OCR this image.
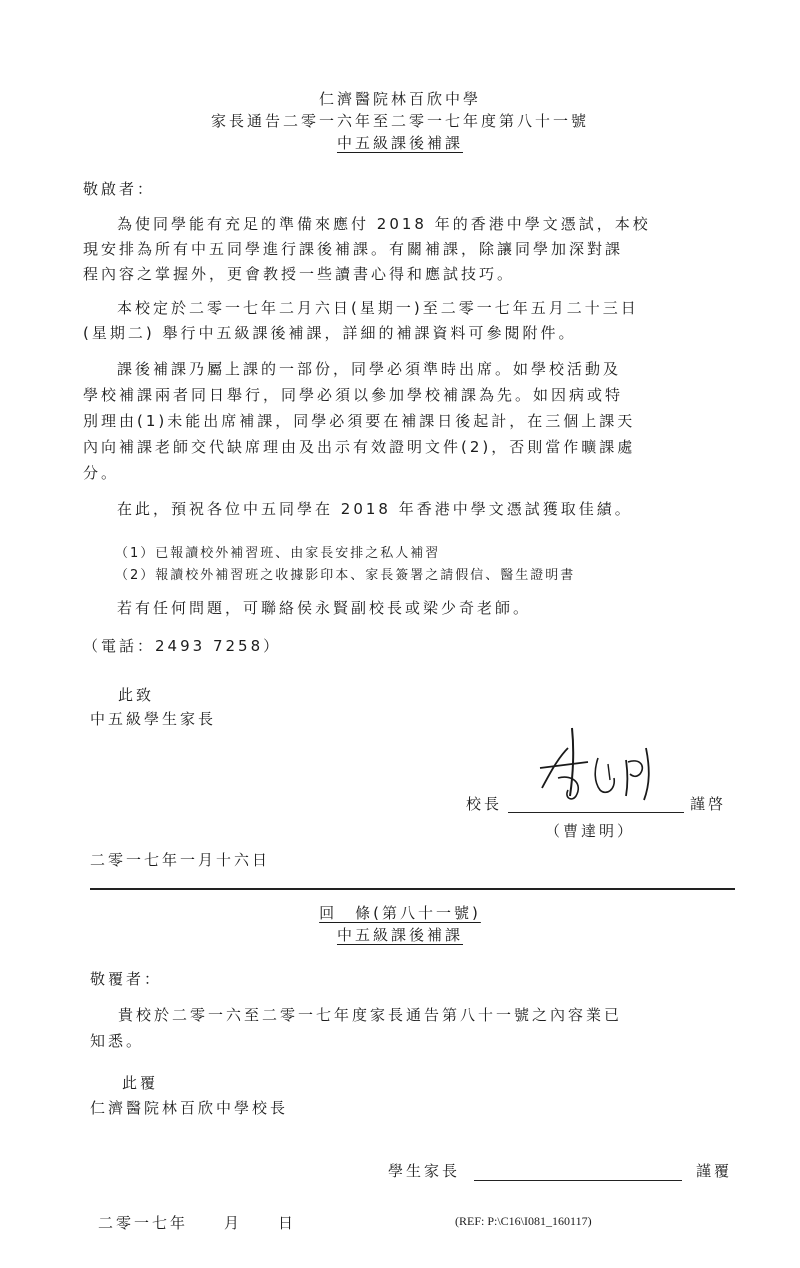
仁濟醫院林百欣中學
家長通告二零一六年至二零一七年度第八十一號
中五級課後補課
敬啟者：
為使同學能有充足的準備來應付 2018 年的香港中學文憑試，本校
現安排為所有中五同學進行課後補課。有關補課，除讓同學加深對課
程內容之掌握外，更會教授一些讀書心得和應試技巧。
本校定於二零一七年二月六日(星期一)至二零一七年五月二十三日
(星期二) 舉行中五級課後補課，詳細的補課資料可參閱附件。
課後補課乃屬上課的一部份，同學必須準時出席。如學校活動及
學校補課兩者同日舉行，同學必須以參加學校補課為先。如因病或特
別理由(1)未能出席補課，同學必須要在補課日後起計，在三個上課天
內向補課老師交代缺席理由及出示有效證明文件(2)，否則當作曠課處
分。
在此，預祝各位中五同學在 2018 年香港中學文憑試獲取佳績。
（1）已報讀校外補習班、由家長安排之私人補習
（2）報讀校外補習班之收據影印本、家長簽署之請假信、醫生證明書
若有任何問題，可聯絡侯永賢副校長或梁少奇老師。
（電話：2493 7258）
此致
中五級學生家長
校長	謹啓
（曹達明）
二零一七年一月十六日
回　條(第八十一號)
中五級課後補課
敬覆者：
貴校於二零一六至二零一七年度家長通告第八十一號之內容業已
知悉。
此覆
仁濟醫院林百欣中學校長
學生家長	謹覆
二零一七年　　月　　日	(REF: P:\C16\I081_160117)
